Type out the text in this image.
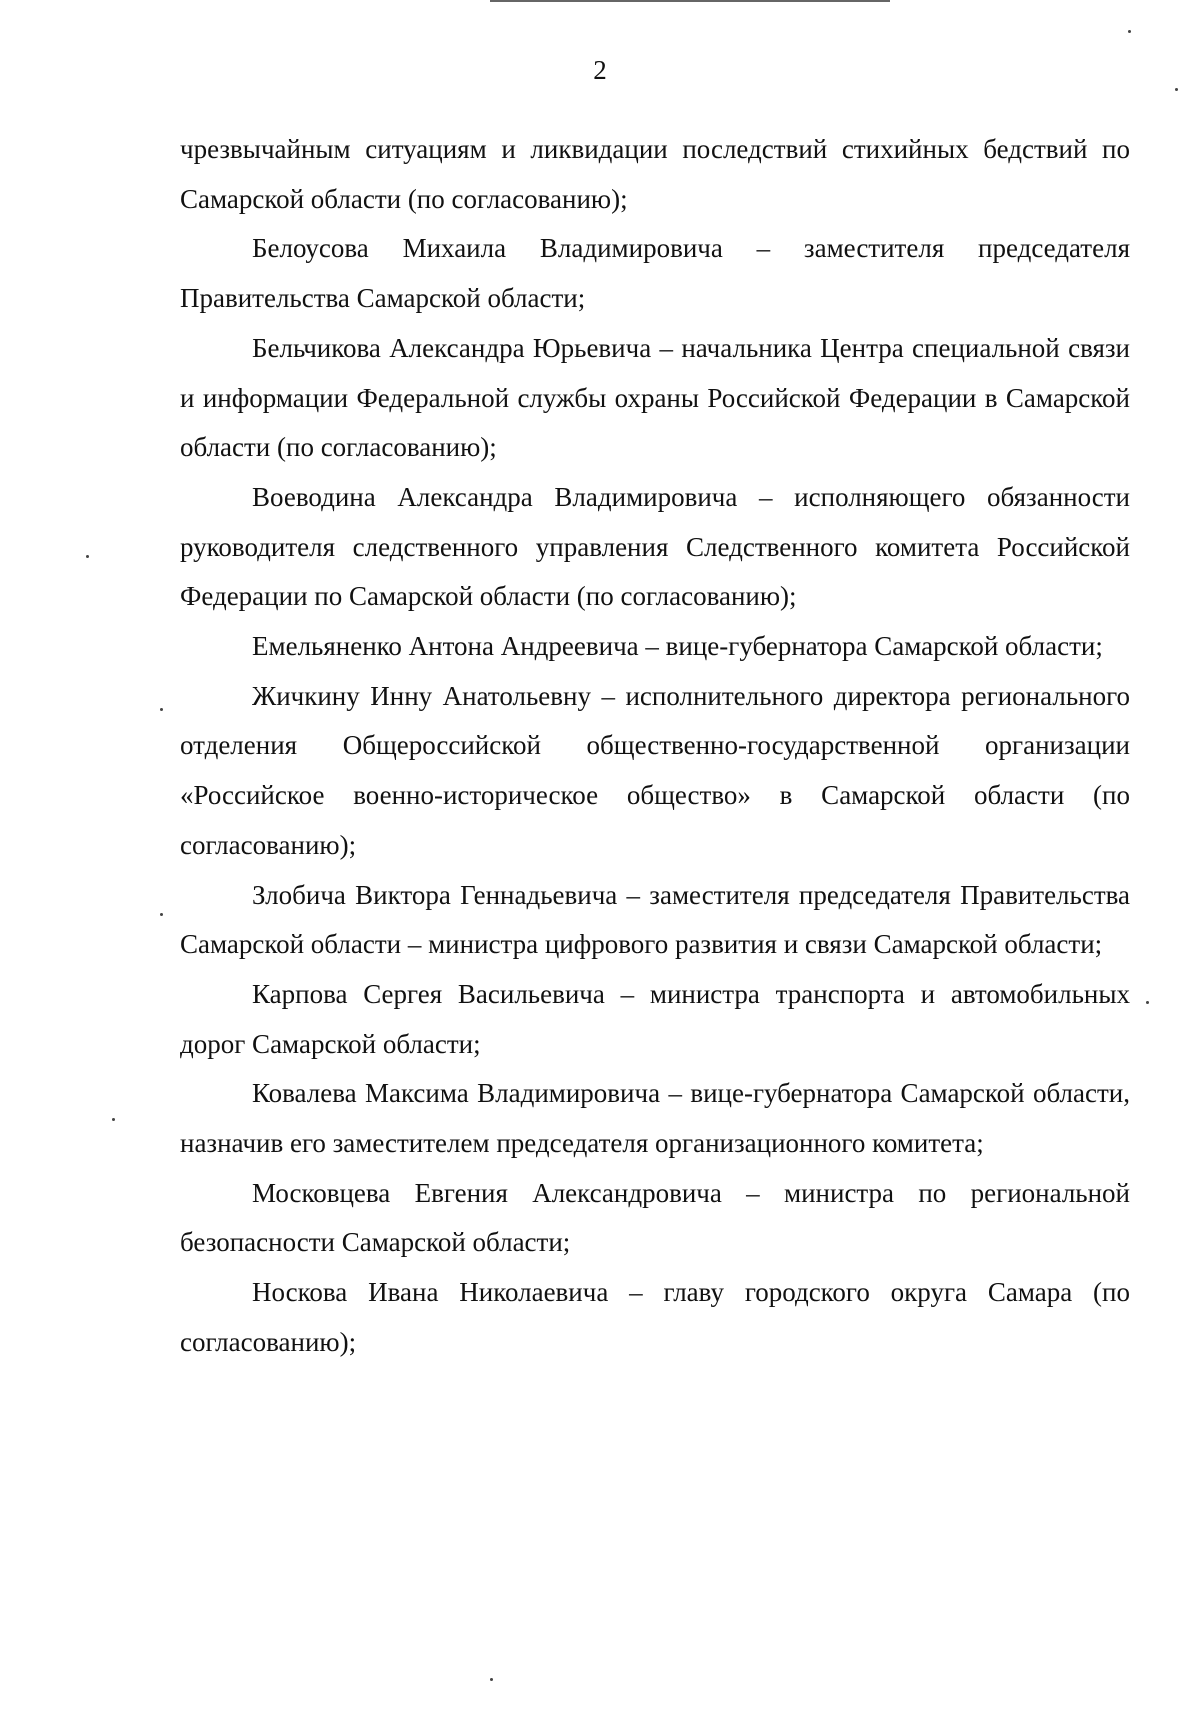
2

чрезвычайным ситуациям и ликвидации последствий стихийных бедствий по Самарской области (по согласованию);

Белоусова Михаила Владимировича – заместителя председателя Правительства Самарской области;

Бельчикова Александра Юрьевича – начальника Центра специальной связи и информации Федеральной службы охраны Российской Федерации в Самарской области (по согласованию);

Воеводина Александра Владимировича – исполняющего обязанности руководителя следственного управления Следственного комитета Российской Федерации по Самарской области (по согласованию);

Емельяненко Антона Андреевича – вице-губернатора Самарской области;

Жичкину Инну Анатольевну – исполнительного директора регионального отделения Общероссийской общественно-государственной организации «Российское военно-историческое общество» в Самарской области (по согласованию);

Злобича Виктора Геннадьевича – заместителя председателя Правительства Самарской области – министра цифрового развития и связи Самарской области;

Карпова Сергея Васильевича – министра транспорта и автомобильных дорог Самарской области;

Ковалева Максима Владимировича – вице-губернатора Самарской области, назначив его заместителем председателя организационного комитета;

Московцева Евгения Александровича – министра по региональной безопасности Самарской области;

Носкова Ивана Николаевича – главу городского округа Самара (по согласованию);
